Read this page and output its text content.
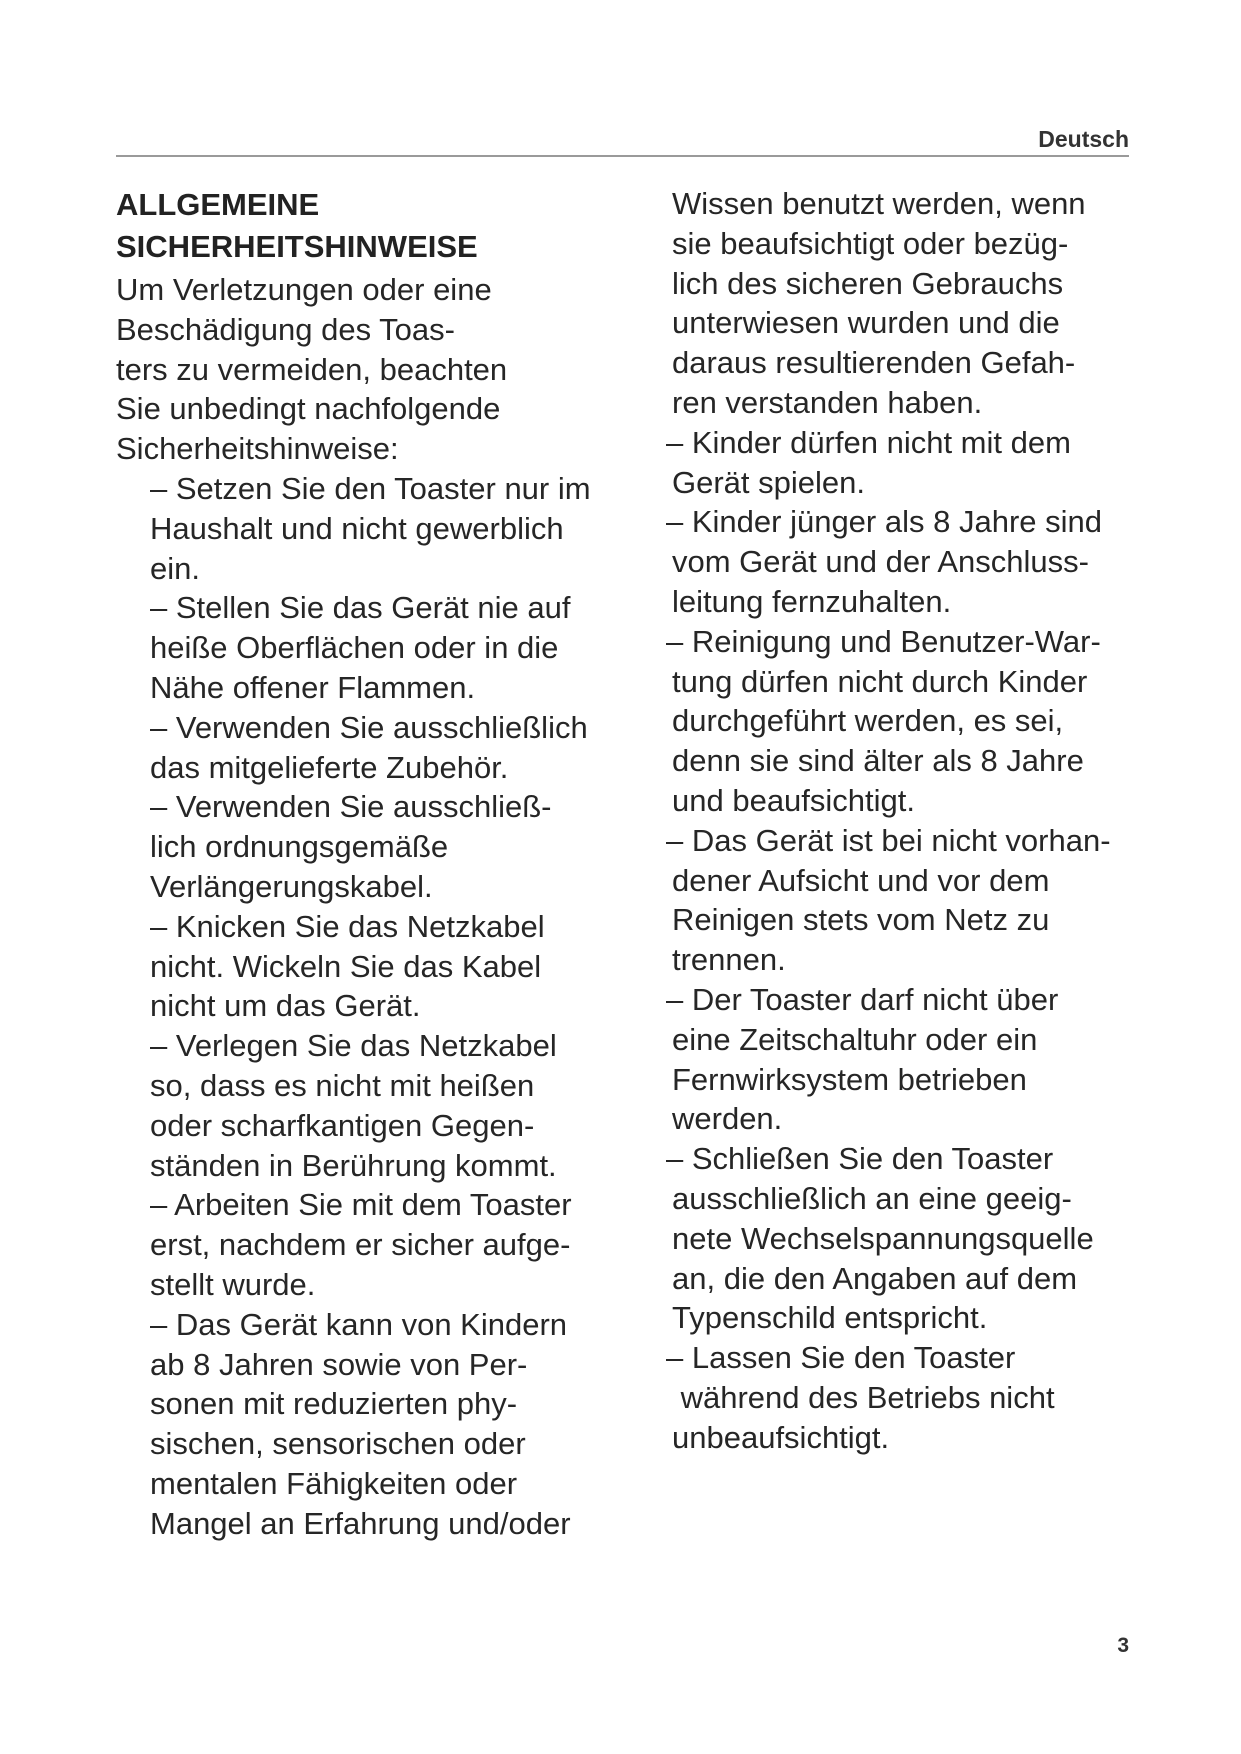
Deutsch
ALLGEMEINE
SICHERHEITSHINWEISE
Um Verletzungen oder eine
Beschädigung des Toas-
ters zu vermeiden, beachten
Sie unbedingt nachfolgende
Sicherheitshinweise:
– Setzen Sie den Toaster nur im
Haushalt und nicht gewerblich
ein.
– Stellen Sie das Gerät nie auf
heiße Oberflächen oder in die
Nähe offener Flammen.
– Verwenden Sie ausschließlich
das mitgelieferte Zubehör.
– Verwenden Sie ausschließ-
lich ordnungsgemäße
Verlängerungskabel.
– Knicken Sie das Netzkabel
nicht. Wickeln Sie das Kabel
nicht um das Gerät.
– Verlegen Sie das Netzkabel
so, dass es nicht mit heißen
oder scharfkantigen Gegen-
ständen in Berührung kommt.
– Arbeiten Sie mit dem Toaster
erst, nachdem er sicher aufge-
stellt wurde.
– Das Gerät kann von Kindern
ab 8 Jahren sowie von Per-
sonen mit reduzierten phy-
sischen, sensorischen oder
mentalen Fähigkeiten oder
Mangel an Erfahrung und/oder
Wissen benutzt werden, wenn
sie beaufsichtigt oder bezüg-
lich des sicheren Gebrauchs
unterwiesen wurden und die
daraus resultierenden Gefah-
ren verstanden haben.
– Kinder dürfen nicht mit dem
Gerät spielen.
– Kinder jünger als 8 Jahre sind
vom Gerät und der Anschluss-
leitung fernzuhalten.
– Reinigung und Benutzer-War-
tung dürfen nicht durch Kinder
durchgeführt werden, es sei,
denn sie sind älter als 8 Jahre
und beaufsichtigt.
– Das Gerät ist bei nicht vorhan-
dener Aufsicht und vor dem
Reinigen stets vom Netz zu
trennen.
– Der Toaster darf nicht über
eine Zeitschaltuhr oder ein
Fernwirksystem betrieben
werden.
– Schließen Sie den Toaster
ausschließlich an eine geeig-
nete Wechselspannungsquelle
an, die den Angaben auf dem
Typenschild entspricht.
– Lassen Sie den Toaster
während des Betriebs nicht
unbeaufsichtigt.
3
